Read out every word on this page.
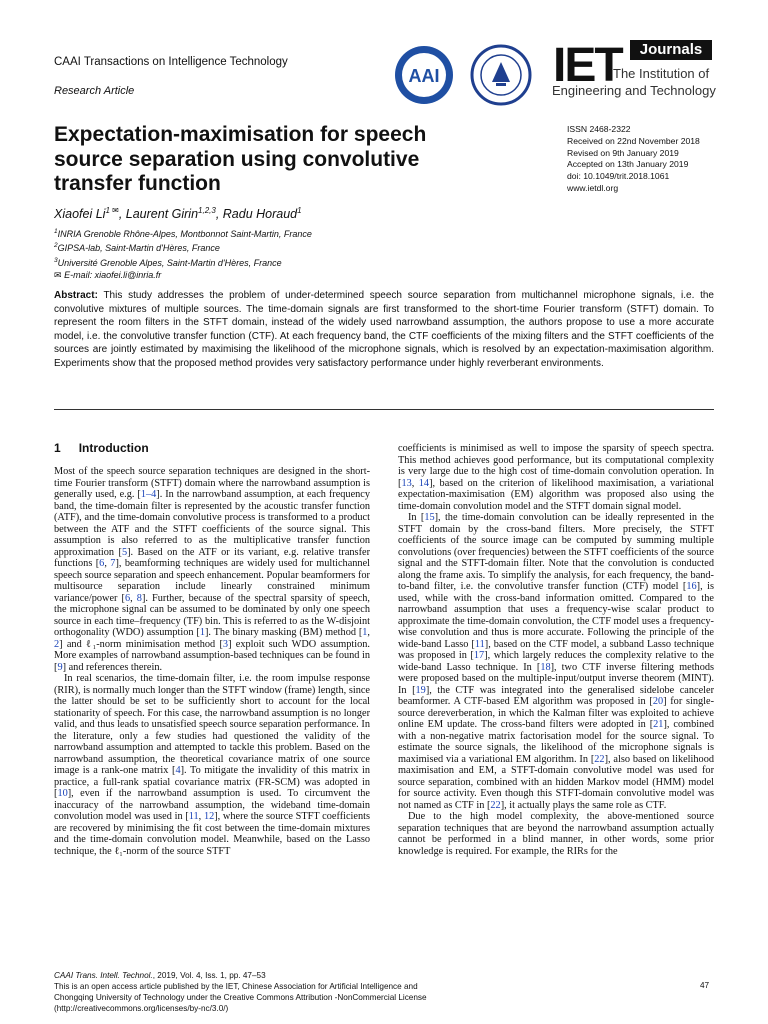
CAAI Transactions on Intelligence Technology
Research Article
AAI IET	Journals
The Institution of
Engineering and Technology
Expectation-maximisation for speech source separation using convolutive transfer function
ISSN 2468-2322
Received on 22nd November 2018
Revised on 9th January 2019
Accepted on 13th January 2019
doi: 10.1049/trit.2018.1061
www.ietdl.org
Xiaofei $Li^{1 ✉}$, Laurent Girin$^{1,2,3}$, Radu Horaud$^1$
$^1$INRIA Grenoble Rhône-Alpes, Montbonnot Saint-Martin, France
$^2$GIPSA-lab, Saint-Martin d'Hères, France
$^3$Université Grenoble Alpes, Saint-Martin d'Hères, France
✉ E-mail: xiaofei.li@inria.fr
Abstract: This study addresses the problem of under-determined speech source separation from multichannel microphone signals, i.e. the convolutive mixtures of multiple sources. The time-domain signals are first transformed to the short-time Fourier transform (STFT) domain. To represent the room filters in the STFT domain, instead of the widely used narrowband assumption, the authors propose to use a more accurate model, i.e. the convolutive transfer function (CTF). At each frequency band, the CTF coefficients of the mixing filters and the STFT coefficients of the sources are jointly estimated by maximising the likelihood of the microphone signals, which is resolved by an expectation-maximisation algorithm. Experiments show that the proposed method provides very satisfactory performance under highly reverberant environments.
1 Introduction

Most of the speech source separation techniques are designed in the short-time Fourier transform (STFT) domain where the narrowband assumption is generally used, e.g. [1–4]. In the narrowband assumption, at each frequency band, the time-domain filter is represented by the acoustic transfer function (ATF), and the time-domain convolutive process is transformed to a product between the ATF and the STFT coefficients of the source signal. This assumption is also referred to as the multiplicative transfer function approximation [5]. Based on the ATF or its variant, e.g. relative transfer functions [6, 7], beamforming techniques are widely used for multichannel speech source separation and speech enhancement. Popular beamformers for multisource separation include linearly constrained minimum variance/power [6, 8]. Further, because of the spectral sparsity of speech, the microphone signal can be assumed to be dominated by only one speech source in each time–frequency (TF) bin. This is referred to as the W-disjoint orthogonality (WDO) assumption [1]. The binary masking (BM) method [1, 2] and ℓ₁-norm minimisation method [3] exploit such WDO assumption. More examples of narrowband assumption-based techniques can be found in [9] and references therein.

In real scenarios, the time-domain filter, i.e. the room impulse response (RIR), is normally much longer than the STFT window (frame) length, since the latter should be set to be sufficiently short to account for the local stationarity of speech. For this case, the narrowband assumption is no longer valid, and thus leads to unsatisfied speech source separation performance. In the literature, only a few studies had questioned the validity of the narrowband assumption and attempted to tackle this problem. Based on the narrowband assumption, the theoretical covariance matrix of one source image is a rank-one matrix [4]. To mitigate the invalidity of this matrix in practice, a full-rank spatial covariance matrix (FR-SCM) was adopted in [10], even if the narrowband assumption is used. To circumvent the inaccuracy of the narrowband assumption, the wideband time-domain convolution model was used in [11, 12], where the source STFT coefficients are recovered by minimising the fit cost between the time-domain mixtures and the time-domain convolution model. Meanwhile, based on the Lasso technique, the ℓ₁-norm of the source STFT

coefficients is minimised as well to impose the sparsity of speech spectra. This method achieves good performance, but its computational complexity is very large due to the high cost of time-domain convolution operation. In [13, 14], based on the criterion of likelihood maximisation, a variational expectation-maximisation (EM) algorithm was proposed also using the time-domain convolution model and the STFT domain signal model.

In [15], the time-domain convolution can be ideally represented in the STFT domain by the cross-band filters. More precisely, the STFT coefficients of the source image can be computed by summing multiple convolutions (over frequencies) between the STFT coefficients of the source signal and the STFT-domain filter. Note that the convolution is conducted along the frame axis. To simplify the analysis, for each frequency, the band-to-band filter, i.e. the convolutive transfer function (CTF) model [16], is used, while with the cross-band information omitted. Compared to the narrowband assumption that uses a frequency-wise scalar product to approximate the time-domain convolution, the CTF model uses a frequency-wise convolution and thus is more accurate. Following the principle of the wide-band Lasso [11], based on the CTF model, a subband Lasso technique was proposed in [17], which largely reduces the complexity relative to the wide-band Lasso technique. In [18], two CTF inverse filtering methods were proposed based on the multiple-input/output inverse theorem (MINT). In [19], the CTF was integrated into the generalised sidelobe canceler beamformer. A CTF-based EM algorithm was proposed in [20] for single-source dereverberation, in which the Kalman filter was exploited to achieve online EM update. The cross-band filters were adopted in [21], combined with a non-negative matrix factorisation model for the source signal. To estimate the source signals, the likelihood of the microphone signals is maximised via a variational EM algorithm. In [22], also based on likelihood maximisation and EM, a STFT-domain convolutive model was used for source separation, combined with an hidden Markov model (HMM) model for source activity. Even though this STFT-domain convolutive model was not named as CTF in [22], it actually plays the same role as CTF.

Due to the high model complexity, the above-mentioned source separation techniques that are beyond the narrowband assumption actually cannot be performed in a blind manner, in other words, some prior knowledge is required. For example, the RIRs for the

CAAI Trans. Intell. Technol., 2019, Vol. 4, Iss. 1, pp. 47–53
This is an open access article published by the IET, Chinese Association for Artificial Intelligence and
Chongqing University of Technology under the Creative Commons Attribution -NonCommercial License
(http://creativecommons.org/licenses/by-nc/3.0/)
47
